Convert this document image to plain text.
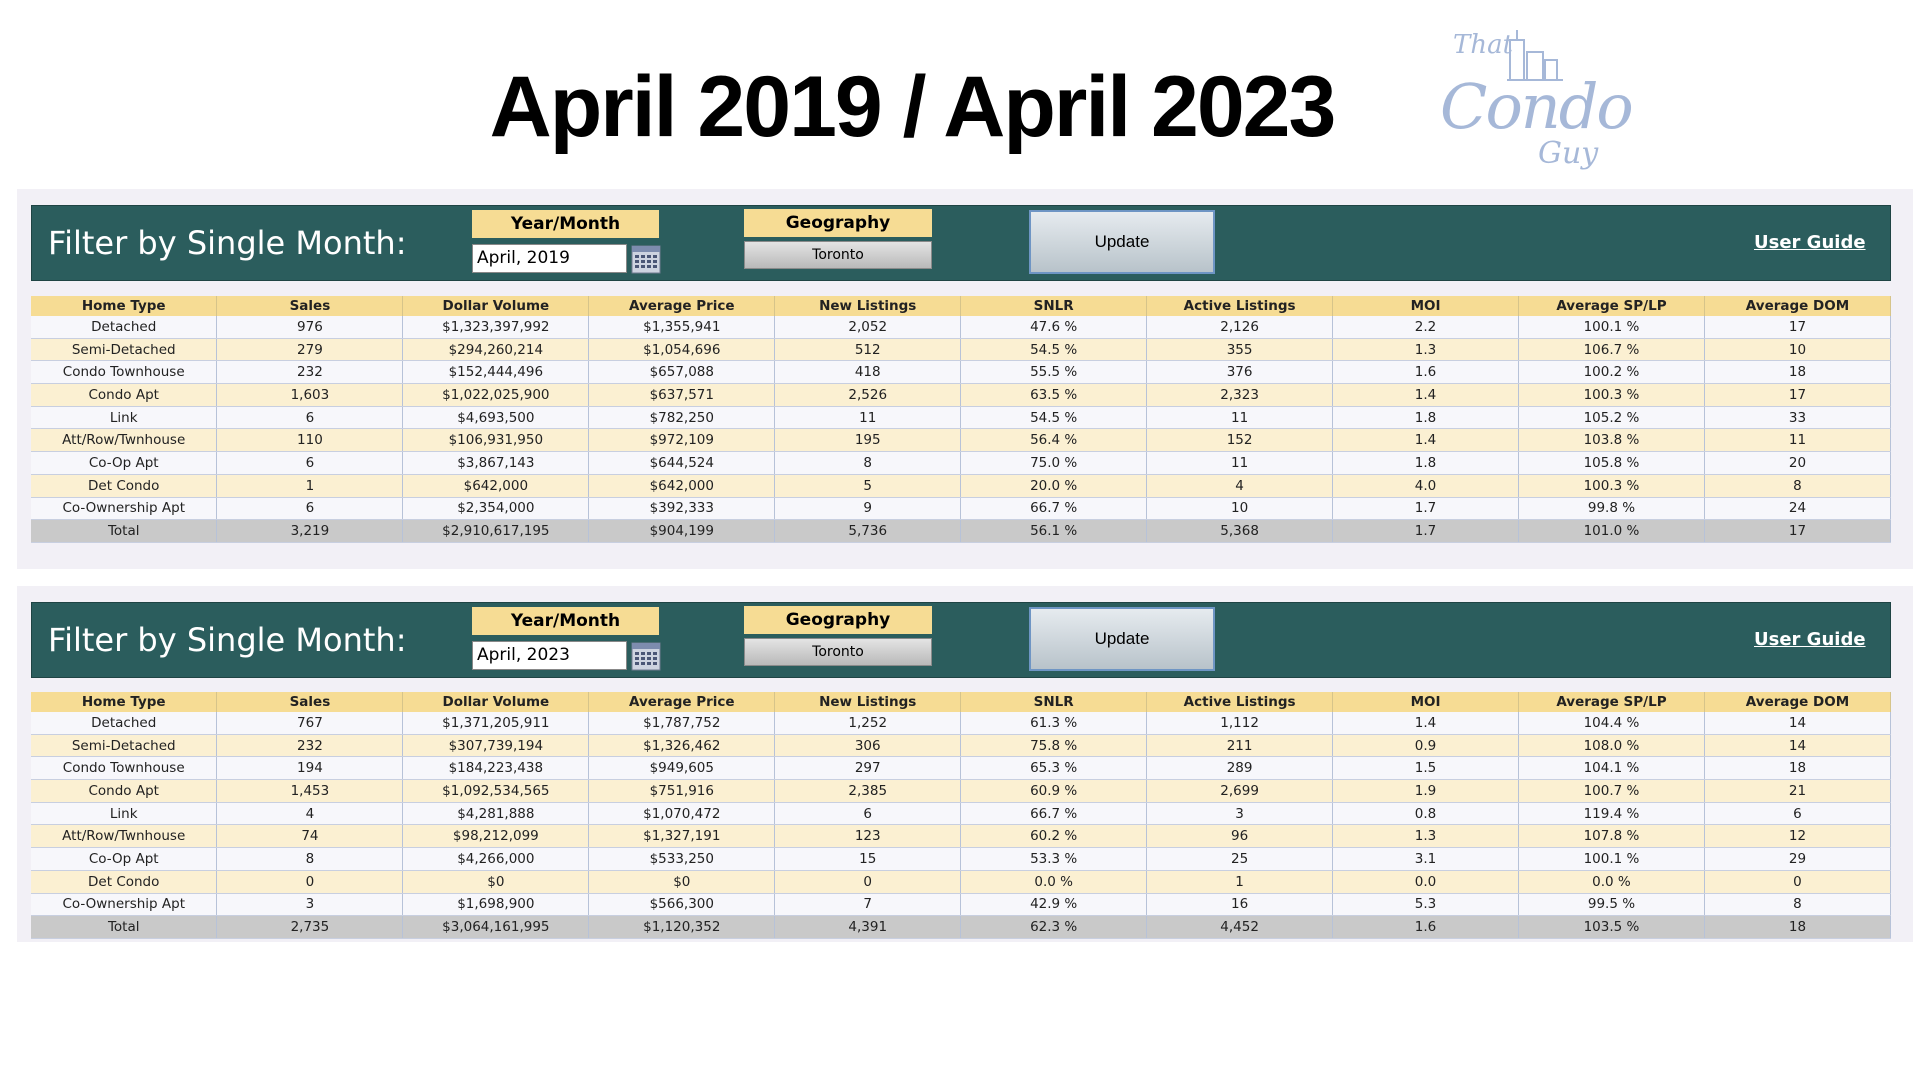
April 2019 / April 2023
That
Condo
Guy
Filter by Single Month:	Year/Month
April, 2019
Geography
Toronto
Update	User Guide
Home Type	Sales	Dollar Volume	Average Price	New Listings	SNLR	Active Listings	MOI	Average SP/LP	Average DOM
Detached	976	$1,323,397,992	$1,355,941	2,052	47.6 %	2,126	2.2	100.1 %	17
Semi-Detached	279	$294,260,214	$1,054,696	512	54.5 %	355	1.3	106.7 %	10
Condo Townhouse	232	$152,444,496	$657,088	418	55.5 %	376	1.6	100.2 %	18
Condo Apt	1,603	$1,022,025,900	$637,571	2,526	63.5 %	2,323	1.4	100.3 %	17
Link	6	$4,693,500	$782,250	11	54.5 %	11	1.8	105.2 %	33
Att/Row/Twnhouse	110	$106,931,950	$972,109	195	56.4 %	152	1.4	103.8 %	11
Co-Op Apt	6	$3,867,143	$644,524	8	75.0 %	11	1.8	105.8 %	20
Det Condo	1	$642,000	$642,000	5	20.0 %	4	4.0	100.3 %	8
Co-Ownership Apt	6	$2,354,000	$392,333	9	66.7 %	10	1.7	99.8 %	24
Total	3,219	$2,910,617,195	$904,199	5,736	56.1 %	5,368	1.7	101.0 %	17
Filter by Single Month:	Year/Month
April, 2023
Geography
Toronto
Update	User Guide
Home Type	Sales	Dollar Volume	Average Price	New Listings	SNLR	Active Listings	MOI	Average SP/LP	Average DOM
Detached	767	$1,371,205,911	$1,787,752	1,252	61.3 %	1,112	1.4	104.4 %	14
Semi-Detached	232	$307,739,194	$1,326,462	306	75.8 %	211	0.9	108.0 %	14
Condo Townhouse	194	$184,223,438	$949,605	297	65.3 %	289	1.5	104.1 %	18
Condo Apt	1,453	$1,092,534,565	$751,916	2,385	60.9 %	2,699	1.9	100.7 %	21
Link	4	$4,281,888	$1,070,472	6	66.7 %	3	0.8	119.4 %	6
Att/Row/Twnhouse	74	$98,212,099	$1,327,191	123	60.2 %	96	1.3	107.8 %	12
Co-Op Apt	8	$4,266,000	$533,250	15	53.3 %	25	3.1	100.1 %	29
Det Condo	0	$0	$0	0	0.0 %	1	0.0	0.0 %	0
Co-Ownership Apt	3	$1,698,900	$566,300	7	42.9 %	16	5.3	99.5 %	8
Total	2,735	$3,064,161,995	$1,120,352	4,391	62.3 %	4,452	1.6	103.5 %	18
